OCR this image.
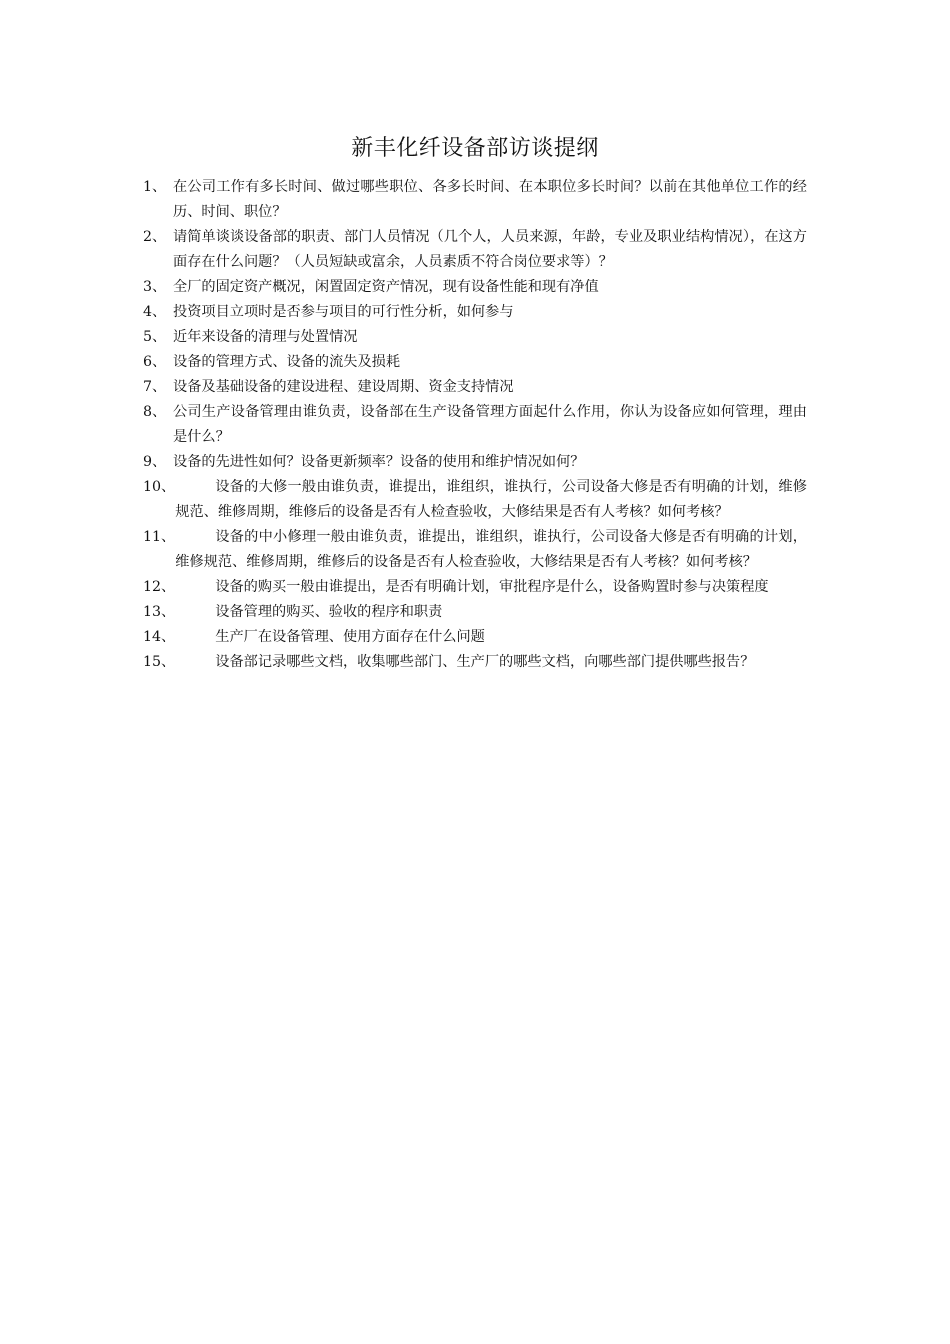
新丰化纤设备部访谈提纲
1、 在公司工作有多长时间、做过哪些职位、各多长时间、在本职位多长时间？以前在其他单位工作的经历、时间、职位？
2、 请简单谈谈设备部的职责、部门人员情况（几个人，人员来源，年龄，专业及职业结构情况），在这方面存在什么问题？（人员短缺或富余，人员素质不符合岗位要求等）？
3、 全厂的固定资产概况，闲置固定资产情况，现有设备性能和现有净值
4、 投资项目立项时是否参与项目的可行性分析，如何参与
5、 近年来设备的清理与处置情况
6、 设备的管理方式、设备的流失及损耗
7、 设备及基础设备的建设进程、建设周期、资金支持情况
8、 公司生产设备管理由谁负责，设备部在生产设备管理方面起什么作用，你认为设备应如何管理，理由是什么？
9、 设备的先进性如何？设备更新频率？设备的使用和维护情况如何？
10、	设备的大修一般由谁负责，谁提出，谁组织，谁执行，公司设备大修是否有明确的计划，维修规范、维修周期，维修后的设备是否有人检查验收，大修结果是否有人考核？如何考核？
11、	设备的中小修理一般由谁负责，谁提出，谁组织，谁执行，公司设备大修是否有明确的计划，维修规范、维修周期，维修后的设备是否有人检查验收，大修结果是否有人考核？如何考核？
12、	设备的购买一般由谁提出，是否有明确计划，审批程序是什么，设备购置时参与决策程度
13、	设备管理的购买、验收的程序和职责
14、	生产厂在设备管理、使用方面存在什么问题
15、	设备部记录哪些文档，收集哪些部门、生产厂的哪些文档，向哪些部门提供哪些报告？
